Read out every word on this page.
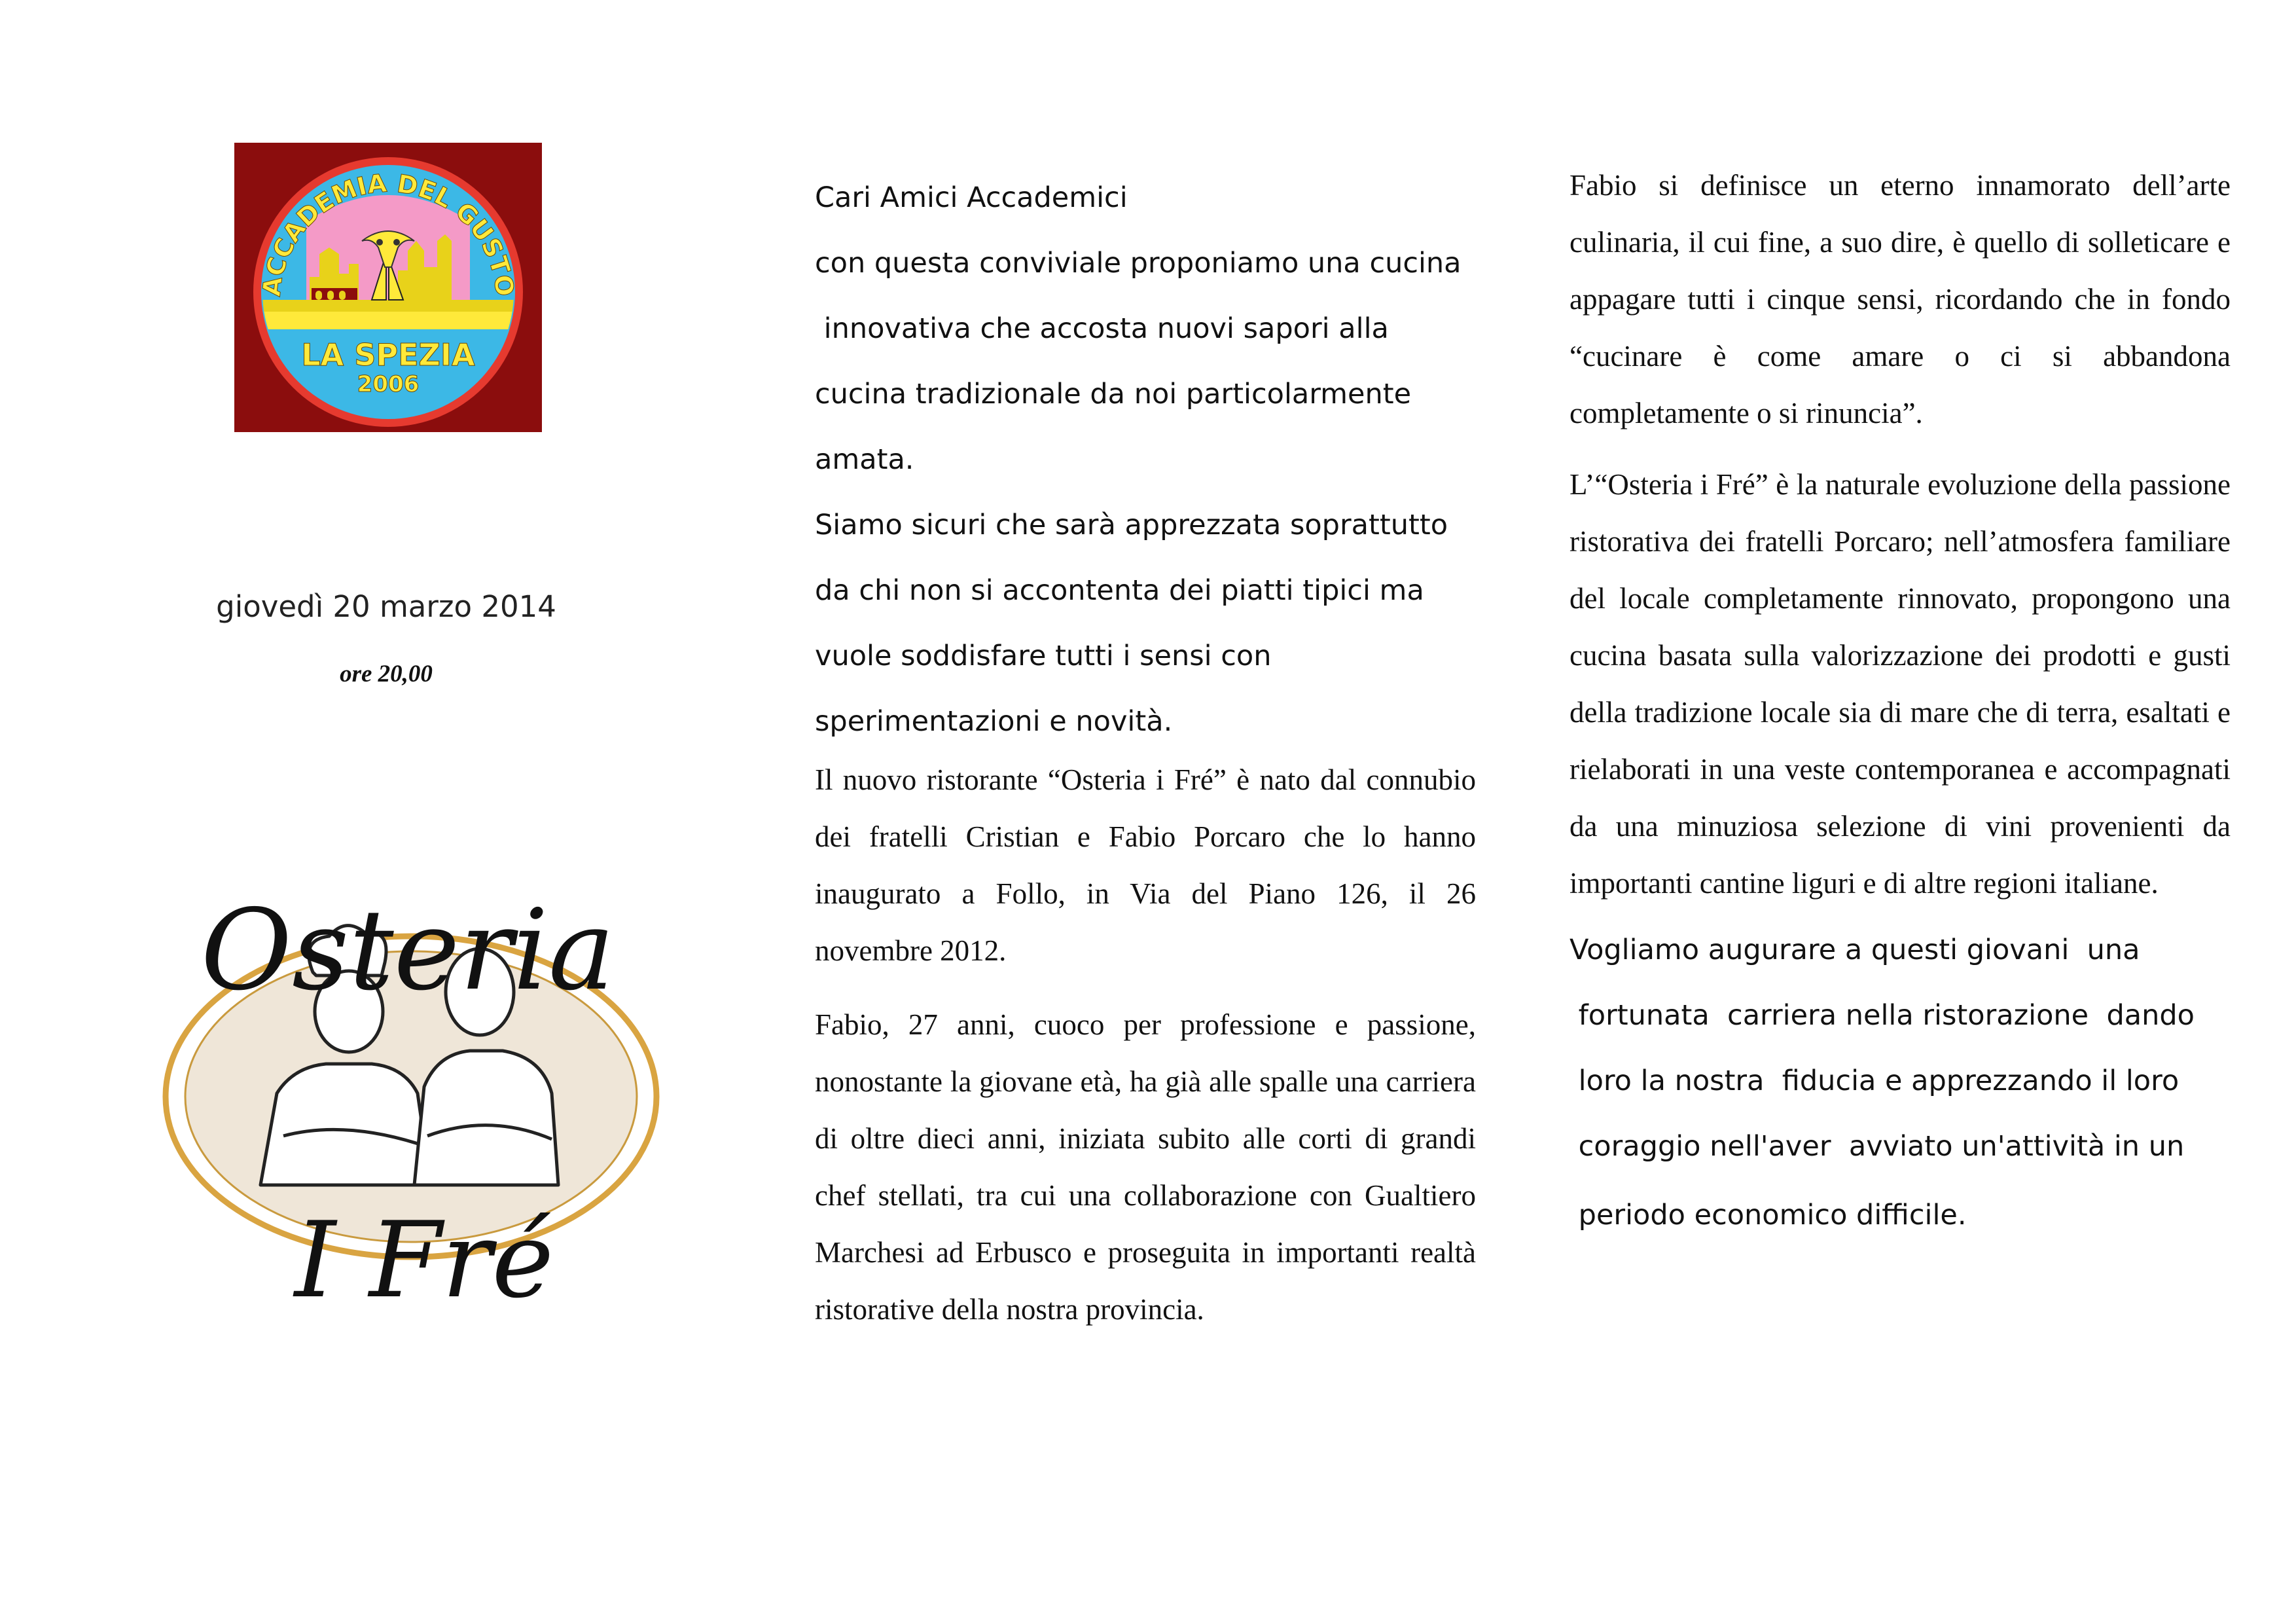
ACCADEMIA DEL GUSTO
LA SPEZIA
2006
giovedì 20 marzo 2014
ore 20,00
Osteria
I Fré

Cari Amici Accademici

con questa conviviale proponiamo una cucina

innovativa che accosta nuovi sapori alla

cucina tradizionale da noi particolarmente

amata.

Siamo sicuri che sarà apprezzata soprattutto

da chi non si accontenta dei piatti tipici ma

vuole soddisfare tutti i sensi con

sperimentazioni e novità.

Il nuovo ristorante “Osteria i Fré” è nato dal connubio dei fratelli Cristian e Fabio Porcaro che lo hanno inaugurato a Follo, in Via del Piano 126, il 26 novembre 2012.

Fabio, 27 anni, cuoco per professione e passione, nonostante la giovane età, ha già alle spalle una carriera di oltre dieci anni, iniziata subito alle corti di grandi chef stellati, tra cui una collaborazione con Gualtiero Marchesi ad Erbusco e proseguita in importanti realtà ristorative della nostra provincia.

Fabio si definisce un eterno innamorato dell’arte culinaria, il cui fine, a suo dire, è quello di solleticare e appagare tutti i cinque sensi, ricordando che in fondo “cucinare è come amare o ci si abbandona completamente o si rinuncia”.

L’“Osteria i Fré” è la naturale evoluzione della passione ristorativa dei fratelli Porcaro; nell’atmosfera familiare del locale completamente rinnovato, propongono una cucina basata sulla valorizzazione dei prodotti e gusti della tradizione locale sia di mare che di terra, esaltati e rielaborati in una veste contemporanea e accompagnati da una minuziosa selezione di vini provenienti da importanti cantine liguri e di altre regioni italiane.

Vogliamo augurare a questi giovani  una

fortunata  carriera nella ristorazione  dando

loro la nostra  fiducia e apprezzando il loro

coraggio nell'aver  avviato un'attività in un

periodo economico difficile.
